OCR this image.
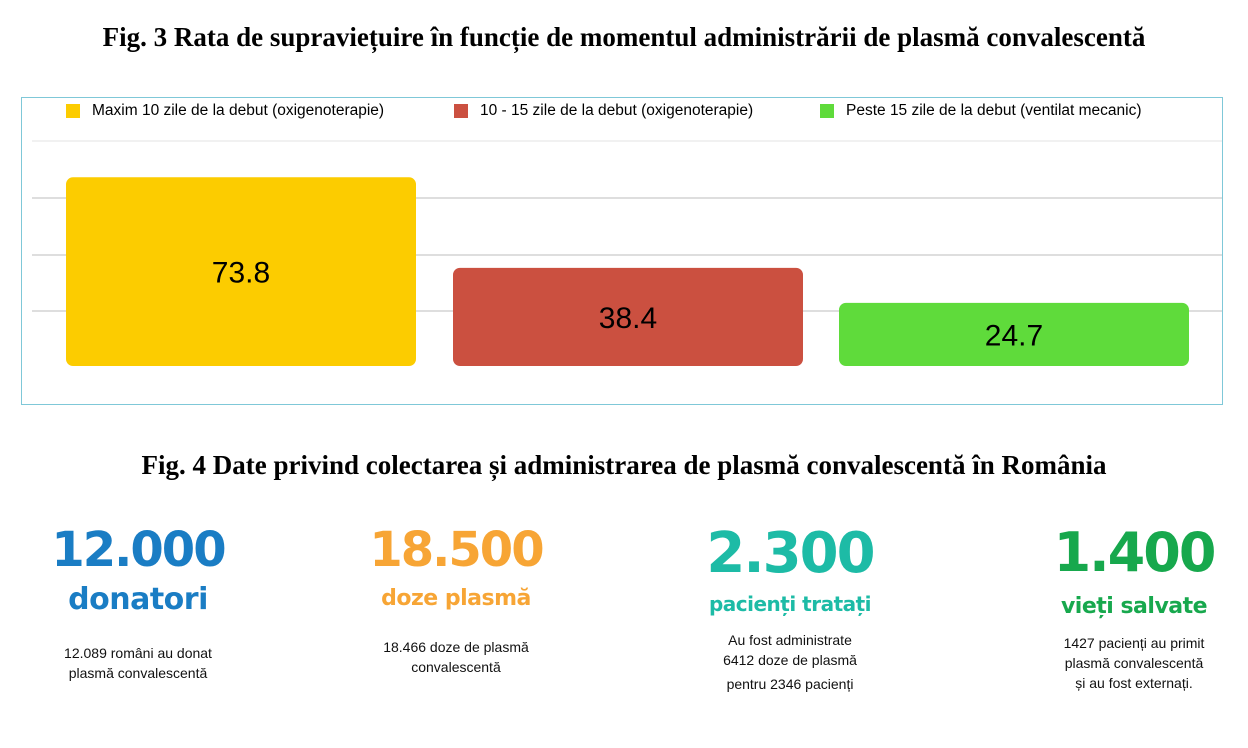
Fig. 3 Rata de supraviețuire în funcție de momentul administrării de plasmă convalescentă
Maxim 10 zile de la debut (oxigenoterapie)	10 - 15 zile de la debut (oxigenoterapie)	Peste 15 zile de la debut (ventilat mecanic)
73.8
38.4
24.7
Fig. 4 Date privind colectarea și administrarea de plasmă convalescentă în România
12.000
donatori
12.089 români au donat
plasmă convalescentă
18.500
doze plasmă
18.466 doze de plasmă
convalescentă
2.300
pacienți tratați
Au fost administrate
6412 doze de plasmă
pentru 2346 pacienți
1.400
vieți salvate
1427 pacienți au primit
plasmă convalescentă
și au fost externați.
